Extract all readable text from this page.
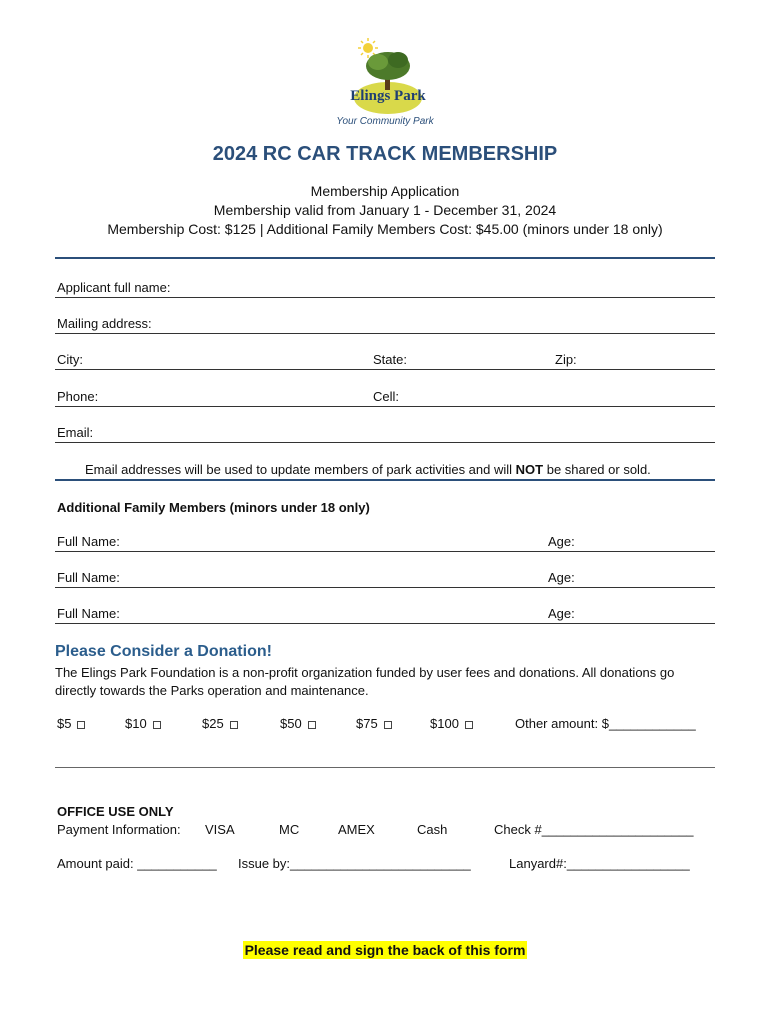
Elings Park
Your Community Park
2024 RC CAR TRACK MEMBERSHIP
Membership Application
Membership valid from January 1 - December 31, 2024
Membership Cost: $125 | Additional Family Members Cost: $45.00 (minors under 18 only)
Applicant full name:
Mailing address:
City:	State:	Zip:
Phone:	Cell:
Email:
Email addresses will be used to update members of park activities and will NOT be shared or sold.
Additional Family Members (minors under 18 only)
Full Name:	Age:
Full Name:	Age:
Full Name:	Age:
Please Consider a Donation!
The Elings Park Foundation is a non-profit organization funded by user fees and donations. All donations go directly towards the Parks operation and maintenance.
$5	$10	$25	$50	$75	$100	Other amount: $____________
OFFICE USE ONLY
Payment Information: VISA	MC	AMEX	Cash	Check #_____________________
Amount paid: ___________ Issue by:_________________________	Lanyard#:_________________
Please read and sign the back of this form
